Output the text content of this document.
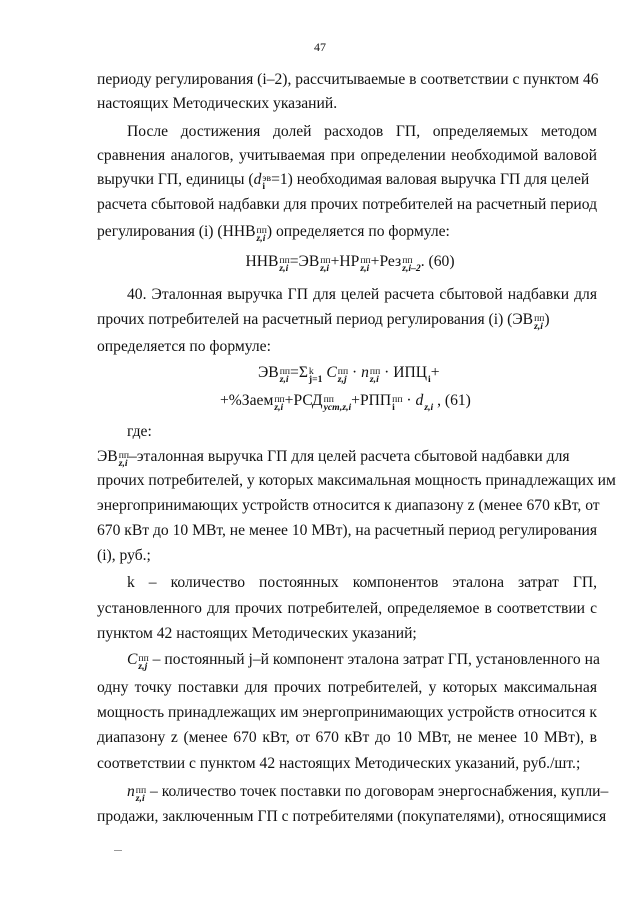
47
периоду регулирования (i–2), рассчитываемые в соответствии с пунктом 46
настоящих Методических указаний.
После достижения долей расходов ГП, определяемых методом
сравнения аналогов, учитываемая при определении необходимой валовой
выручки ГП, единицы (d эв
i =1) необходимая валовая выручка ГП для целей
расчета сбытовой надбавки для прочих потребителей на расчетный период
регулирования (i) (ННВ пп
z,i ) определяется по формуле:
ННВ пп
z,i =ЭВ пп
z,i +НР пп
z,i +Рез пп
z,i–2 . (60)
40. Эталонная выручка ГП для целей расчета сбытовой надбавки для
прочих потребителей на расчетный период регулирования (i) (ЭВ пп
z,i )
определяется по формуле:
ЭВ пп
z,i =Σ k
j=1 C пп
z,j · n пп
z,i · ИПЦ
i +
+%Заем пп
z,i +РСД пп
уст,z,i +РПП пп
i · d
z,i , (61)
где:
ЭВ пп
z,i –эталонная выручка ГП для целей расчета сбытовой надбавки для
прочих потребителей, у которых максимальная мощность принадлежащих им
энергопринимающих устройств относится к диапазону z (менее 670 кВт, от
670 кВт до 10 МВт, не менее 10 МВт), на расчетный период регулирования
(i), руб.;
k – количество постоянных компонентов эталона затрат ГП,
установленного для прочих потребителей, определяемое в соответствии с
пунктом 42 настоящих Методических указаний;
C пп
z,j – постоянный j–й компонент эталона затрат ГП, установленного на
одну точку поставки для прочих потребителей, у которых максимальная
мощность принадлежащих им энергопринимающих устройств относится к
диапазону z (менее 670 кВт, от 670 кВт до 10 МВт, не менее 10 МВт), в
соответствии с пунктом 42 настоящих Методических указаний, руб./шт.;
n пп
z,i – количество точек поставки по договорам энергоснабжения, купли–
продажи, заключенным ГП с потребителями (покупателями), относящимися
